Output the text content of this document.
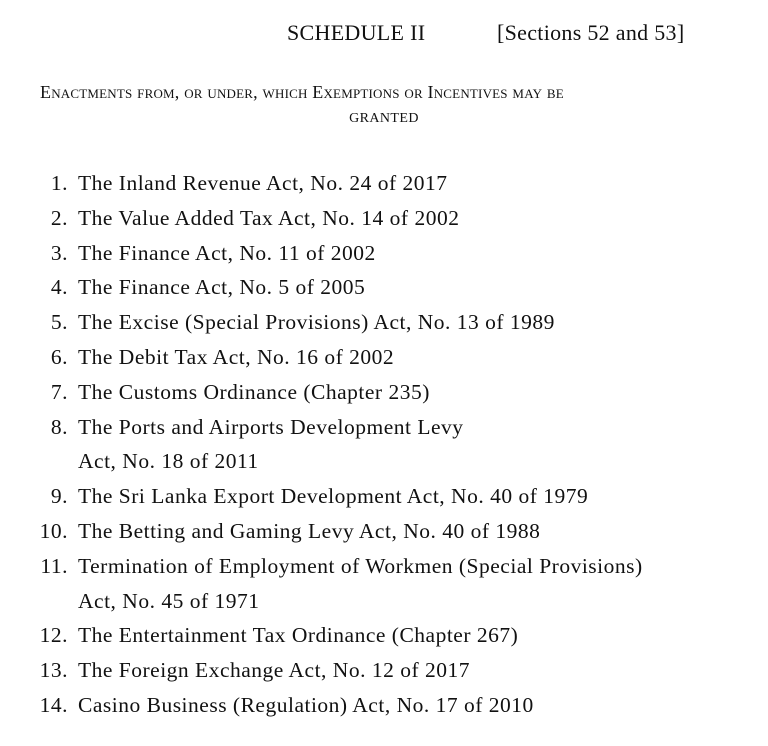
SCHEDULE II	[Sections 52 and 53]
Enactments from, or under, which Exemptions or Incentives may be
GRANTED
1. The Inland Revenue Act, No. 24 of 2017
2. The Value Added Tax Act, No. 14 of 2002
3. The Finance Act, No. 11 of 2002
4. The Finance Act, No. 5 of 2005
5. The Excise (Special Provisions) Act, No. 13 of 1989
6. The Debit Tax Act, No. 16 of 2002
7. The Customs Ordinance (Chapter 235)
8. The Ports and Airports Development Levy
Act, No. 18 of 2011
9. The Sri Lanka Export Development Act, No. 40 of 1979
10. The Betting and Gaming Levy Act, No. 40 of 1988
11. Termination of Employment of Workmen (Special Provisions)
Act, No. 45 of 1971
12. The Entertainment Tax Ordinance (Chapter 267)
13. The Foreign Exchange Act, No. 12 of 2017
14. Casino Business (Regulation) Act, No. 17 of 2010
